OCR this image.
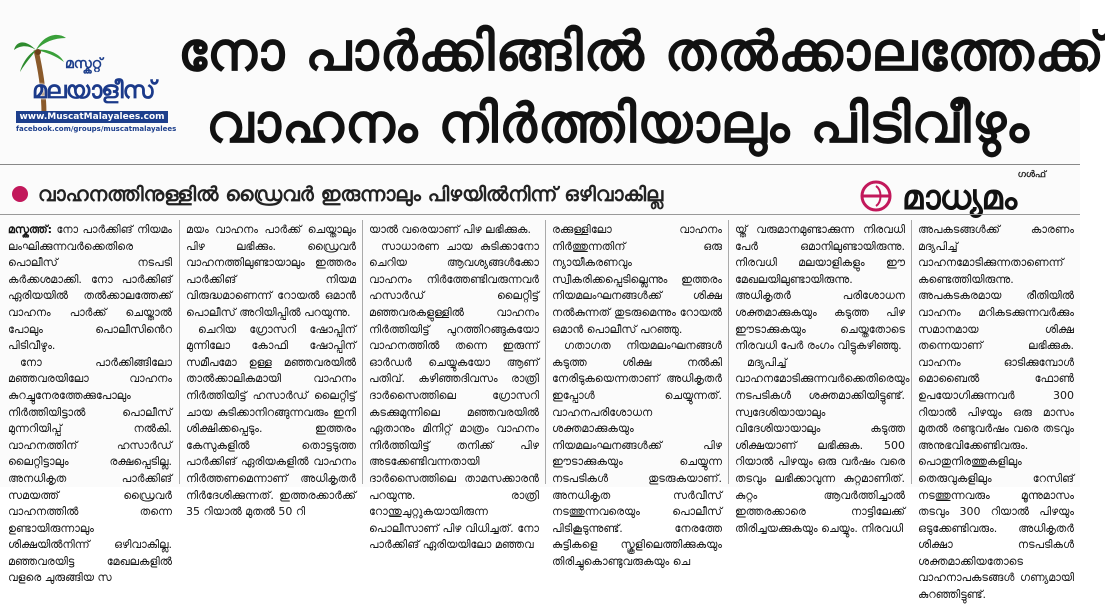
മസ്കറ്റ്
മലയാളീസ്
www.MuscatMalayalees.com
facebook.com/groups/muscatmalayalees
നോ പാർക്കിങ്ങിൽ തൽക്കാലത്തേക്ക്
വാഹനം നിർത്തിയാലും പിടിവീഴും
വാഹനത്തിനുള്ളിൽ ഡ്രൈവർ ഇരുന്നാലും പിഴയിൽനിന്ന് ഒഴിവാകില്ല
ഗൾഫ്
മാധ്യമം

മസ്കത്ത്: നോ പാർക്കിങ് നിയമം ലംഘിക്കുന്നവർക്കെതിരെ പൊലീസ് നടപടി കർക്കശമാക്കി. നോ പാർക്കിങ് ഏരിയയിൽ തൽക്കാലത്തേക്ക് വാഹനം പാർക്ക് ചെയ്താൽ പോലും പൊലീസിൻെറ പിടിവീഴും.

നോ പാർക്കിങ്ങിലോ മഞ്ഞവരയിലോ വാഹനം കുറച്ചുനേരത്തേക്കുപോലും നിർത്തിയിട്ടാൽ പൊലീസ് മുന്നറിയിപ്പ് നൽകി. വാഹനത്തിന് ഹസാർഡ് ലൈറ്റിട്ടാലും രക്ഷപ്പെടില്ല. അനധികൃത പാർക്കിങ് സമയത്ത് ഡ്രൈവർ വാഹനത്തിൽ തന്നെ ഉണ്ടായിരുന്നാലും ശിക്ഷയിൽനിന്ന് ഒഴിവാകില്ല. മഞ്ഞവരയിട്ട മേഖലകളിൽ വളരെ ചുരുങ്ങിയ സ

മയം വാഹനം പാർക്ക് ചെയ്താലും പിഴ ലഭിക്കും. ഡ്രൈവർ വാഹനത്തിലുണ്ടായാലും ഇത്തരം പാർക്കിങ് നിയമ വിരുദ്ധമാണെന്ന് റോയൽ ഒമാൻ പൊലീസ് അറിയിപ്പിൽ പറയുന്നു.

ചെറിയ ഗ്രോസറി ഷോപ്പിന് മുന്നിലോ കോഫി ഷോപ്പിന് സമീപമോ ഉള്ള മഞ്ഞവരയിൽ താൽക്കാലികമായി വാഹനം നിർത്തിയിട്ട് ഹസാർഡ് ലൈറ്റിട്ട് ചായ കുടിക്കാനിറങ്ങുന്നവരും ഇനി ശിക്ഷിക്കപ്പെടും. ഇത്തരം കേസുകളിൽ തൊട്ടടുത്ത പാർക്കിങ് ഏരിയകളിൽ വാഹനം നിർത്തണമെന്നാണ് അധികൃതർ നിർദേശിക്കുന്നത്. ഇത്തരക്കാർക്ക് 35 റിയാൽ മുതൽ 50 റി

യാൽ വരെയാണ് പിഴ ലഭിക്കുക.

സാധാരണ ചായ കുടിക്കാനോ ചെറിയ ആവശ്യങ്ങൾക്കോ വാഹനം നിർത്തേണ്ടിവരുന്നവർ ഹസാർഡ് ലൈറ്റിട്ട് മഞ്ഞവരകളുള്ളിൽ വാഹനം നിർത്തിയിട്ട് പുറത്തിറങ്ങുകയോ വാഹനത്തിൽ തന്നെ ഇരുന്ന് ഓർഡർ ചെയ്യുകയോ ആണ് പതിവ്. കഴിഞ്ഞദിവസം രാത്രി ദാർസൈത്തിലെ ഗ്രോസറി കടക്കുമുന്നിലെ മഞ്ഞവരയിൽ ഏതാനും മിനിറ്റ് മാത്രം വാഹനം നിർത്തിയിട്ട് തനിക്ക് പിഴ അടക്കേണ്ടിവന്നതായി ദാർസൈത്തിലെ താമസക്കാരൻ പറയുന്നു. രാത്രി റോന്തുചുറ്റുകയായിരുന്ന പൊലീസാണ് പിഴ വിധിച്ചത്. നോ പാർക്കിങ് ഏരിയയിലോ മഞ്ഞവ

രക്കുള്ളിലോ വാഹനം നിർത്തുന്നതിന് ഒരു ന്യായീകരണവും സ്വീകരിക്കപ്പെടില്ലെന്നും ഇത്തരം നിയമലംഘനങ്ങൾക്ക് ശിക്ഷ നൽകുന്നത് തുടരുമെന്നും റോയൽ ഒമാൻ പൊലീസ് പറഞ്ഞു.

ഗതാഗത നിയമലംഘനങ്ങൾ കടുത്ത ശിക്ഷ നൽകി നേരിടുകയെന്നതാണ് അധികൃതർ ഇപ്പോൾ ചെയ്യുന്നത്. വാഹനപരിശോധന ശക്തമാക്കുകയും നിയമലംഘനങ്ങൾക്ക് പിഴ ഈടാക്കുകയും ചെയ്യുന്ന നടപടികൾ തുടരുകയാണ്. അനധികൃത സർവീസ് നടത്തുന്നവരെയും പൊലീസ് പിടികൂടുന്നുണ്ട്. നേരത്തേ കുട്ടികളെ സ്കൂളിലെത്തിക്കുകയും തിരിച്ചുകൊണ്ടുവരുകയും ചെ

യ്ത് വരുമാനമുണ്ടാക്കുന്ന നിരവധി പേർ ഒമാനിലുണ്ടായിരുന്നു. നിരവധി മലയാളികളും ഈ മേഖലയിലുണ്ടായിരുന്നു. അധികൃതർ പരിശോധന ശക്തമാക്കുകയും കടുത്ത പിഴ ഈടാക്കുകയും ചെയ്തതോടെ നിരവധി പേർ രംഗം വിട്ടുകഴിഞ്ഞു.

മദ്യപിച്ച് വാഹനമോടിക്കുന്നവർക്കെതിരെയും നടപടികൾ ശക്തമാക്കിയിട്ടുണ്ട്. സ്വദേശിയായാലും വിദേശിയായാലും കടുത്ത ശിക്ഷയാണ് ലഭിക്കുക. 500 റിയാൽ പിഴയും ഒരു വർഷം വരെ തടവും ലഭിക്കാവുന്ന കുറ്റമാണിത്. കുറ്റം ആവർത്തിച്ചാൽ ഇത്തരക്കാരെ നാട്ടിലേക്ക് തിരിച്ചയക്കുകയും ചെയ്യും. നിരവധി

അപകടങ്ങൾക്ക് കാരണം മദ്യപിച്ച് വാഹനമോടിക്കുന്നതാണെന്ന് കണ്ടെത്തിയിരുന്നു. അപകടകരമായ രീതിയിൽ വാഹനം മറികടക്കുന്നവർക്കും സമാനമായ ശിക്ഷ തന്നെയാണ് ലഭിക്കുക. വാഹനം ഓടിക്കുമ്പോൾ മൊബൈൽ ഫോൺ ഉപയോഗിക്കുന്നവർ 300 റിയാൽ പിഴയും ഒരു മാസം മുതൽ രണ്ടുവർഷം വരെ തടവും അനുഭവിക്കേണ്ടിവരും. പൊതുനിരത്തുകളിലും തെരുവുകളിലും റേസിങ് നടത്തുന്നവരും മൂന്നുമാസം തടവും 300 റിയാൽ പിഴയും ഒടുക്കേണ്ടിവരും. അധികൃതർ ശിക്ഷാ നടപടികൾ ശക്തമാക്കിയതോടെ വാഹനാപകടങ്ങൾ ഗണ്യമായി കുറഞ്ഞിട്ടുണ്ട്.
